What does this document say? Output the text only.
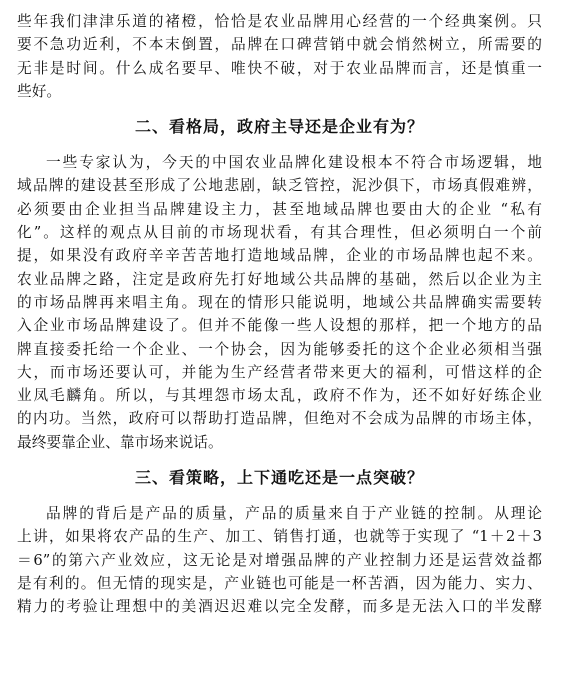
些年我们津津乐道的褚橙，恰恰是农业品牌用心经营的一个经典案例。只
要不急功近利，不本末倒置，品牌在口碑营销中就会悄然树立，所需要的
无非是时间。什么成名要早、唯快不破，对于农业品牌而言，还是慎重一
些好。
二、看格局，政府主导还是企业有为？
一些专家认为，今天的中国农业品牌化建设根本不符合市场逻辑，地
域品牌的建设甚至形成了公地悲剧，缺乏管控，泥沙俱下，市场真假难辨，
必须要由企业担当品牌建设主力，甚至地域品牌也要由大的企业 “私有
化”。这样的观点从目前的市场现状看，有其合理性，但必须明白一个前
提，如果没有政府辛辛苦苦地打造地域品牌，企业的市场品牌也起不来。
农业品牌之路，注定是政府先打好地域公共品牌的基础，然后以企业为主
的市场品牌再来唱主角。现在的情形只能说明，地域公共品牌确实需要转
入企业市场品牌建设了。但并不能像一些人设想的那样，把一个地方的品
牌直接委托给一个企业、一个协会，因为能够委托的这个企业必须相当强
大，而市场还要认可，并能为生产经营者带来更大的福利，可惜这样的企
业凤毛麟角。所以，与其埋怨市场太乱，政府不作为，还不如好好练企业
的内功。当然，政府可以帮助打造品牌，但绝对不会成为品牌的市场主体，
最终要靠企业、靠市场来说话。
三、看策略，上下通吃还是一点突破？
品牌的背后是产品的质量，产品的质量来自于产业链的控制。从理论
上讲，如果将农产品的生产、加工、销售打通，也就等于实现了 “1＋2＋3
＝6”的第六产业效应，这无论是对增强品牌的产业控制力还是运营效益都
是有利的。但无情的现实是，产业链也可能是一杯苦酒，因为能力、实力、
精力的考验让理想中的美酒迟迟难以完全发酵，而多是无法入口的半发酵
